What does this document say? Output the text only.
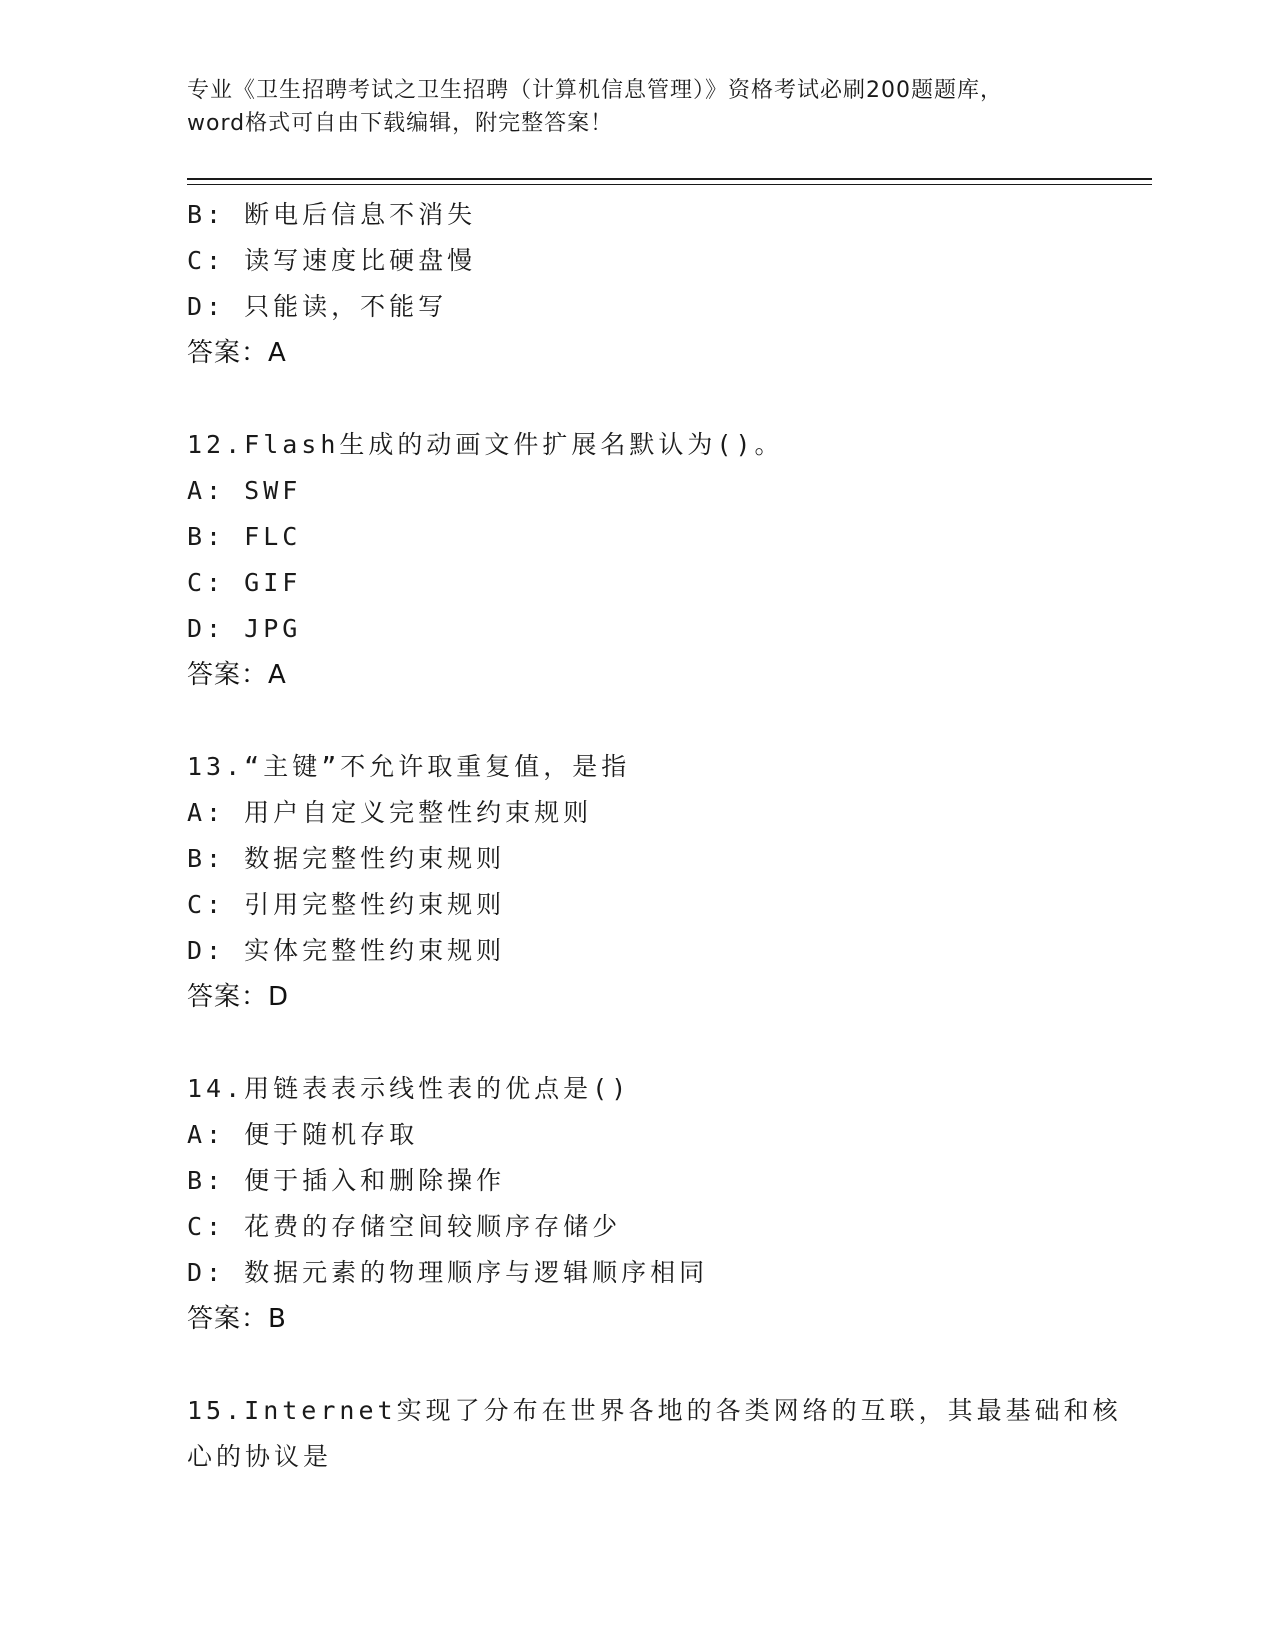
专业《卫生招聘考试之卫生招聘（计算机信息管理）》资格考试必刷200题题库，
word格式可自由下载编辑，附完整答案！
B: 断电后信息不消失
C: 读写速度比硬盘慢
D: 只能读，不能写
答案：A
12.Flash生成的动画文件扩展名默认为()。
A: SWF
B: FLC
C: GIF
D: JPG
答案：A
13.“主键”不允许取重复值，是指
A: 用户自定义完整性约束规则
B: 数据完整性约束规则
C: 引用完整性约束规则
D: 实体完整性约束规则
答案：D
14.用链表表示线性表的优点是()
A: 便于随机存取
B: 便于插入和删除操作
C: 花费的存储空间较顺序存储少
D: 数据元素的物理顺序与逻辑顺序相同
答案：B
15.Internet实现了分布在世界各地的各类网络的互联，其最基础和核
心的协议是
